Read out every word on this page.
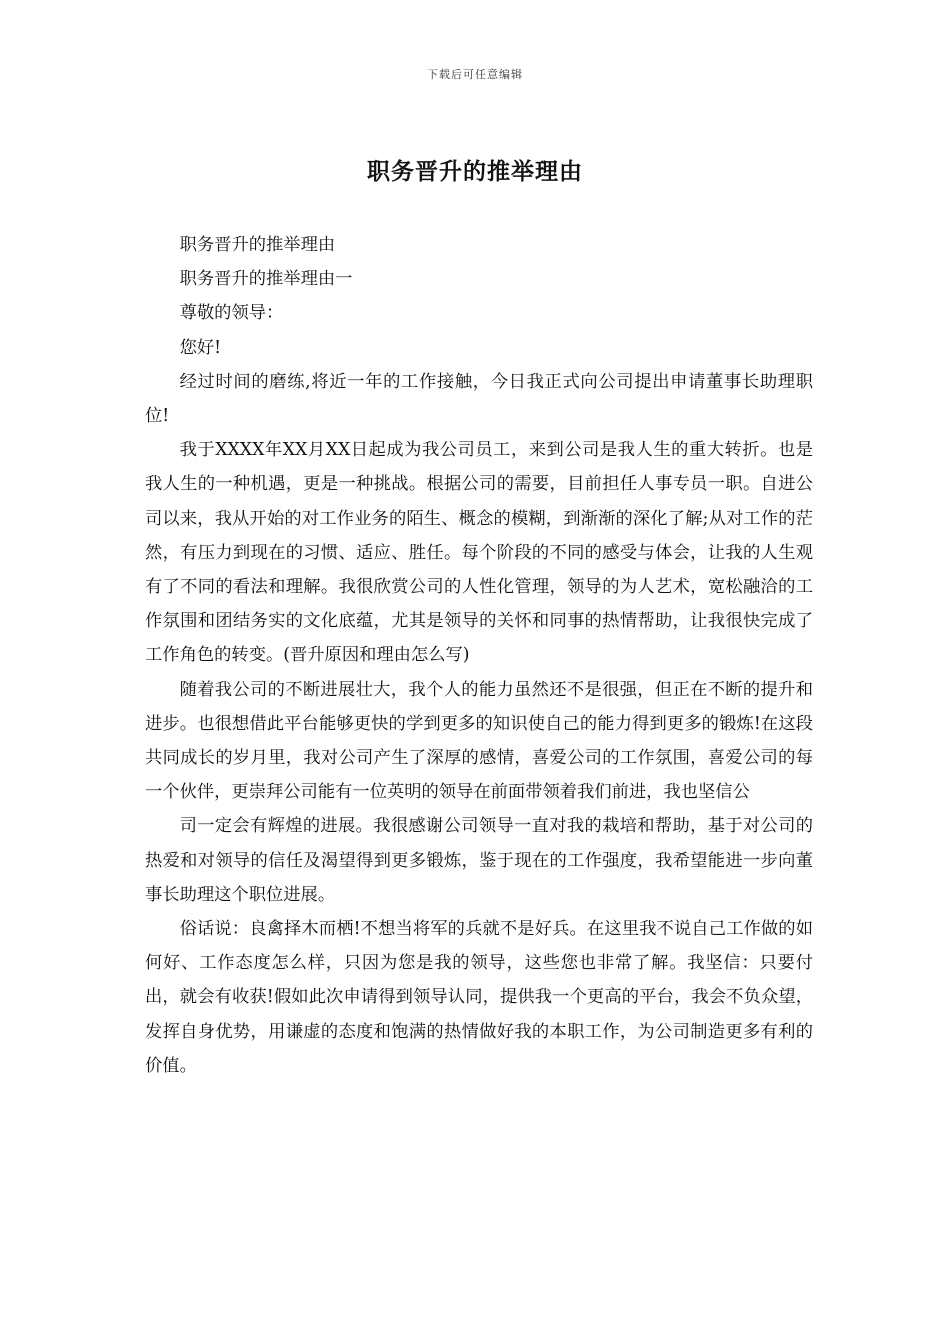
下载后可任意编辑
职务晋升的推举理由

职务晋升的推举理由

职务晋升的推举理由一

尊敬的领导：

您好!

经过时间的磨练,将近一年的工作接触，今日我正式向公司提出申请董事长助理职位!

我于XXXX年XX月XX日起成为我公司员工，来到公司是我人生的重大转折。也是我人生的一种机遇，更是一种挑战。根据公司的需要，目前担任人事专员一职。自进公司以来，我从开始的对工作业务的陌生、概念的模糊，到渐渐的深化了解;从对工作的茫然，有压力到现在的习惯、适应、胜任。每个阶段的不同的感受与体会，让我的人生观有了不同的看法和理解。我很欣赏公司的人性化管理，领导的为人艺术，宽松融洽的工作氛围和团结务实的文化底蕴，尤其是领导的关怀和同事的热情帮助，让我很快完成了工作角色的转变。(晋升原因和理由怎么写)

随着我公司的不断进展壮大，我个人的能力虽然还不是很强，但正在不断的提升和进步。也很想借此平台能够更快的学到更多的知识使自己的能力得到更多的锻炼!在这段共同成长的岁月里，我对公司产生了深厚的感情，喜爱公司的工作氛围，喜爱公司的每一个伙伴，更崇拜公司能有一位英明的领导在前面带领着我们前进，我也坚信公

司一定会有辉煌的进展。我很感谢公司领导一直对我的栽培和帮助，基于对公司的热爱和对领导的信任及渴望得到更多锻炼，鉴于现在的工作强度，我希望能进一步向董事长助理这个职位进展。

俗话说：良禽择木而栖!不想当将军的兵就不是好兵。在这里我不说自己工作做的如何好、工作态度怎么样，只因为您是我的领导，这些您也非常了解。我坚信：只要付出，就会有收获!假如此次申请得到领导认同，提供我一个更高的平台，我会不负众望，发挥自身优势，用谦虚的态度和饱满的热情做好我的本职工作，为公司制造更多有利的价值。
